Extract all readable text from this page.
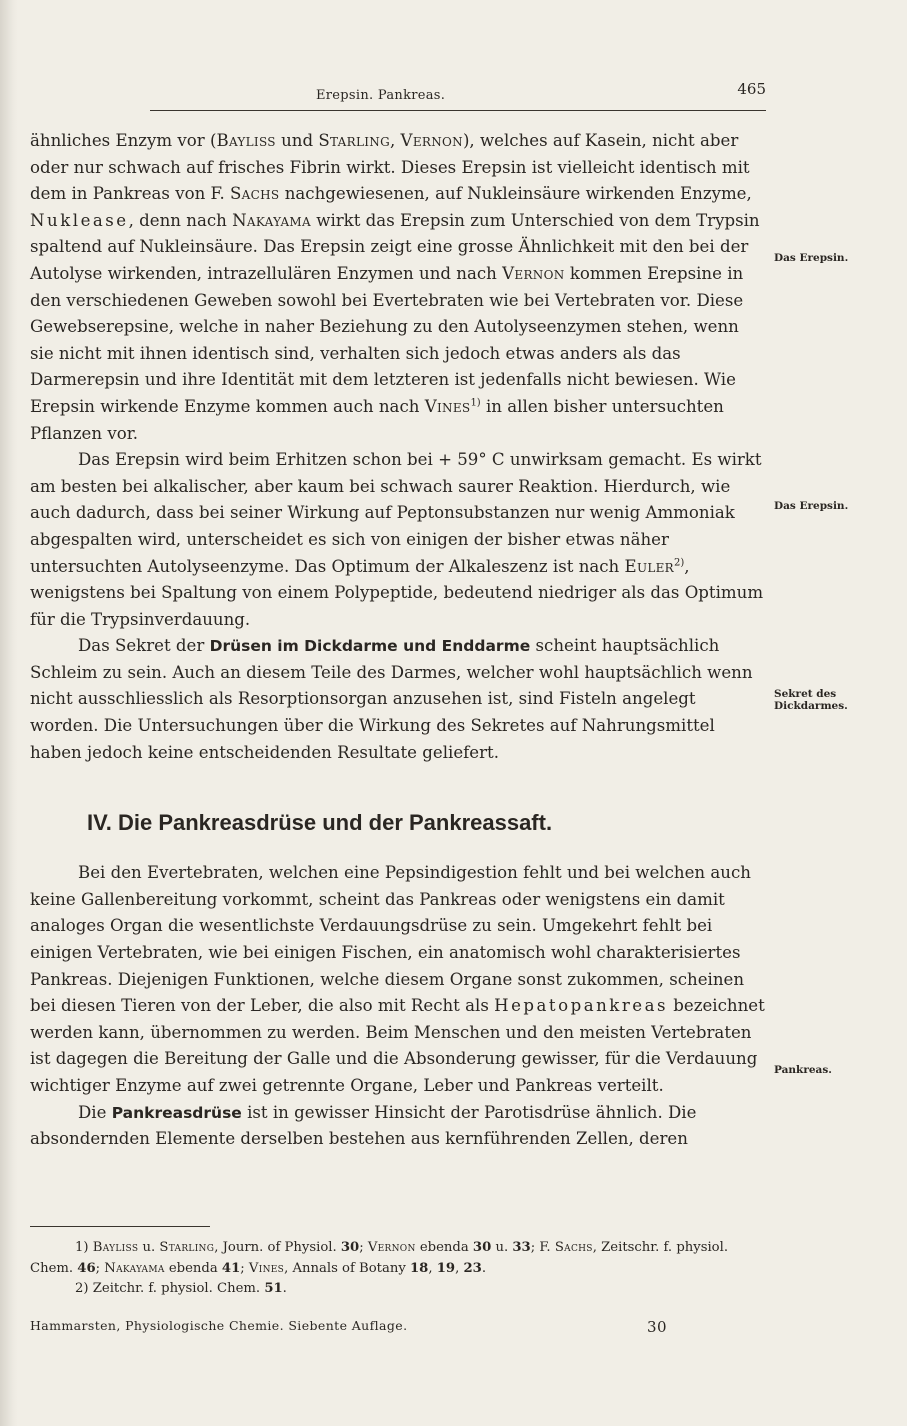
Erepsin. Pankreas.	465

ähnliches Enzym vor (Bayliss und Starling, Vernon), welches auf Kasein, nicht aber oder nur schwach auf frisches Fibrin wirkt. Dieses Erepsin ist vielleicht identisch mit dem in Pankreas von F. Sachs nachgewiesenen, auf Nukleinsäure wirkenden Enzyme, Nuklease, denn nach Nakayama wirkt das Erepsin zum Unterschied von dem Trypsin spaltend auf Nukleinsäure. Das Erepsin zeigt eine grosse Ähnlichkeit mit den bei der Autolyse wirkenden, intrazellulären Enzymen und nach Vernon kommen Erepsine in den verschiedenen Geweben sowohl bei Evertebraten wie bei Vertebraten vor. Diese Gewebserepsine, welche in naher Beziehung zu den Autolyseenzymen stehen, wenn sie nicht mit ihnen identisch sind, verhalten sich jedoch etwas anders als das Darmerepsin und ihre Identität mit dem letzteren ist jedenfalls nicht bewiesen. Wie Erepsin wirkende Enzyme kommen auch nach Vines$^{1)}$ in allen bisher untersuchten Pflanzen vor.

Das Erepsin wird beim Erhitzen schon bei + 59° C unwirksam gemacht. Es wirkt am besten bei alkalischer, aber kaum bei schwach saurer Reaktion. Hierdurch, wie auch dadurch, dass bei seiner Wirkung auf Peptonsubstanzen nur wenig Ammoniak abgespalten wird, unterscheidet es sich von einigen der bisher etwas näher untersuchten Autolyseenzyme. Das Optimum der Alkaleszenz ist nach Euler$^{2)}$, wenigstens bei Spaltung von einem Polypeptide, bedeutend niedriger als das Optimum für die Trypsinverdauung.

Das Sekret der Drüsen im Dickdarme und Enddarme scheint hauptsächlich Schleim zu sein. Auch an diesem Teile des Darmes, welcher wohl hauptsächlich wenn nicht ausschliesslich als Resorptionsorgan anzusehen ist, sind Fisteln angelegt worden. Die Untersuchungen über die Wirkung des Sekretes auf Nahrungsmittel haben jedoch keine entscheidenden Resultate geliefert.

IV. Die Pankreasdrüse und der Pankreassaft.

Bei den Evertebraten, welchen eine Pepsindigestion fehlt und bei welchen auch keine Gallenbereitung vorkommt, scheint das Pankreas oder wenigstens ein damit analoges Organ die wesentlichste Verdauungsdrüse zu sein. Umgekehrt fehlt bei einigen Vertebraten, wie bei einigen Fischen, ein anatomisch wohl charakterisiertes Pankreas. Diejenigen Funktionen, welche diesem Organe sonst zukommen, scheinen bei diesen Tieren von der Leber, die also mit Recht als Hepatopankreas bezeichnet werden kann, übernommen zu werden. Beim Menschen und den meisten Vertebraten ist dagegen die Bereitung der Galle und die Absonderung gewisser, für die Verdauung wichtiger Enzyme auf zwei getrennte Organe, Leber und Pankreas verteilt.

Die Pankreasdrüse ist in gewisser Hinsicht der Parotisdrüse ähnlich. Die absondernden Elemente derselben bestehen aus kernführenden Zellen, deren

Das Erepsin.
Das Erepsin.
Sekret des
Dickdarmes.
Pankreas.

1) Bayliss u. Starling, Journ. of Physiol. 30; Vernon ebenda 30 u. 33; F. Sachs, Zeitschr. f. physiol. Chem. 46; Nakayama ebenda 41; Vines, Annals of Botany 18, 19, 23.

2) Zeitchr. f. physiol. Chem. 51.

Hammarsten, Physiologische Chemie. Siebente Auflage.	30
